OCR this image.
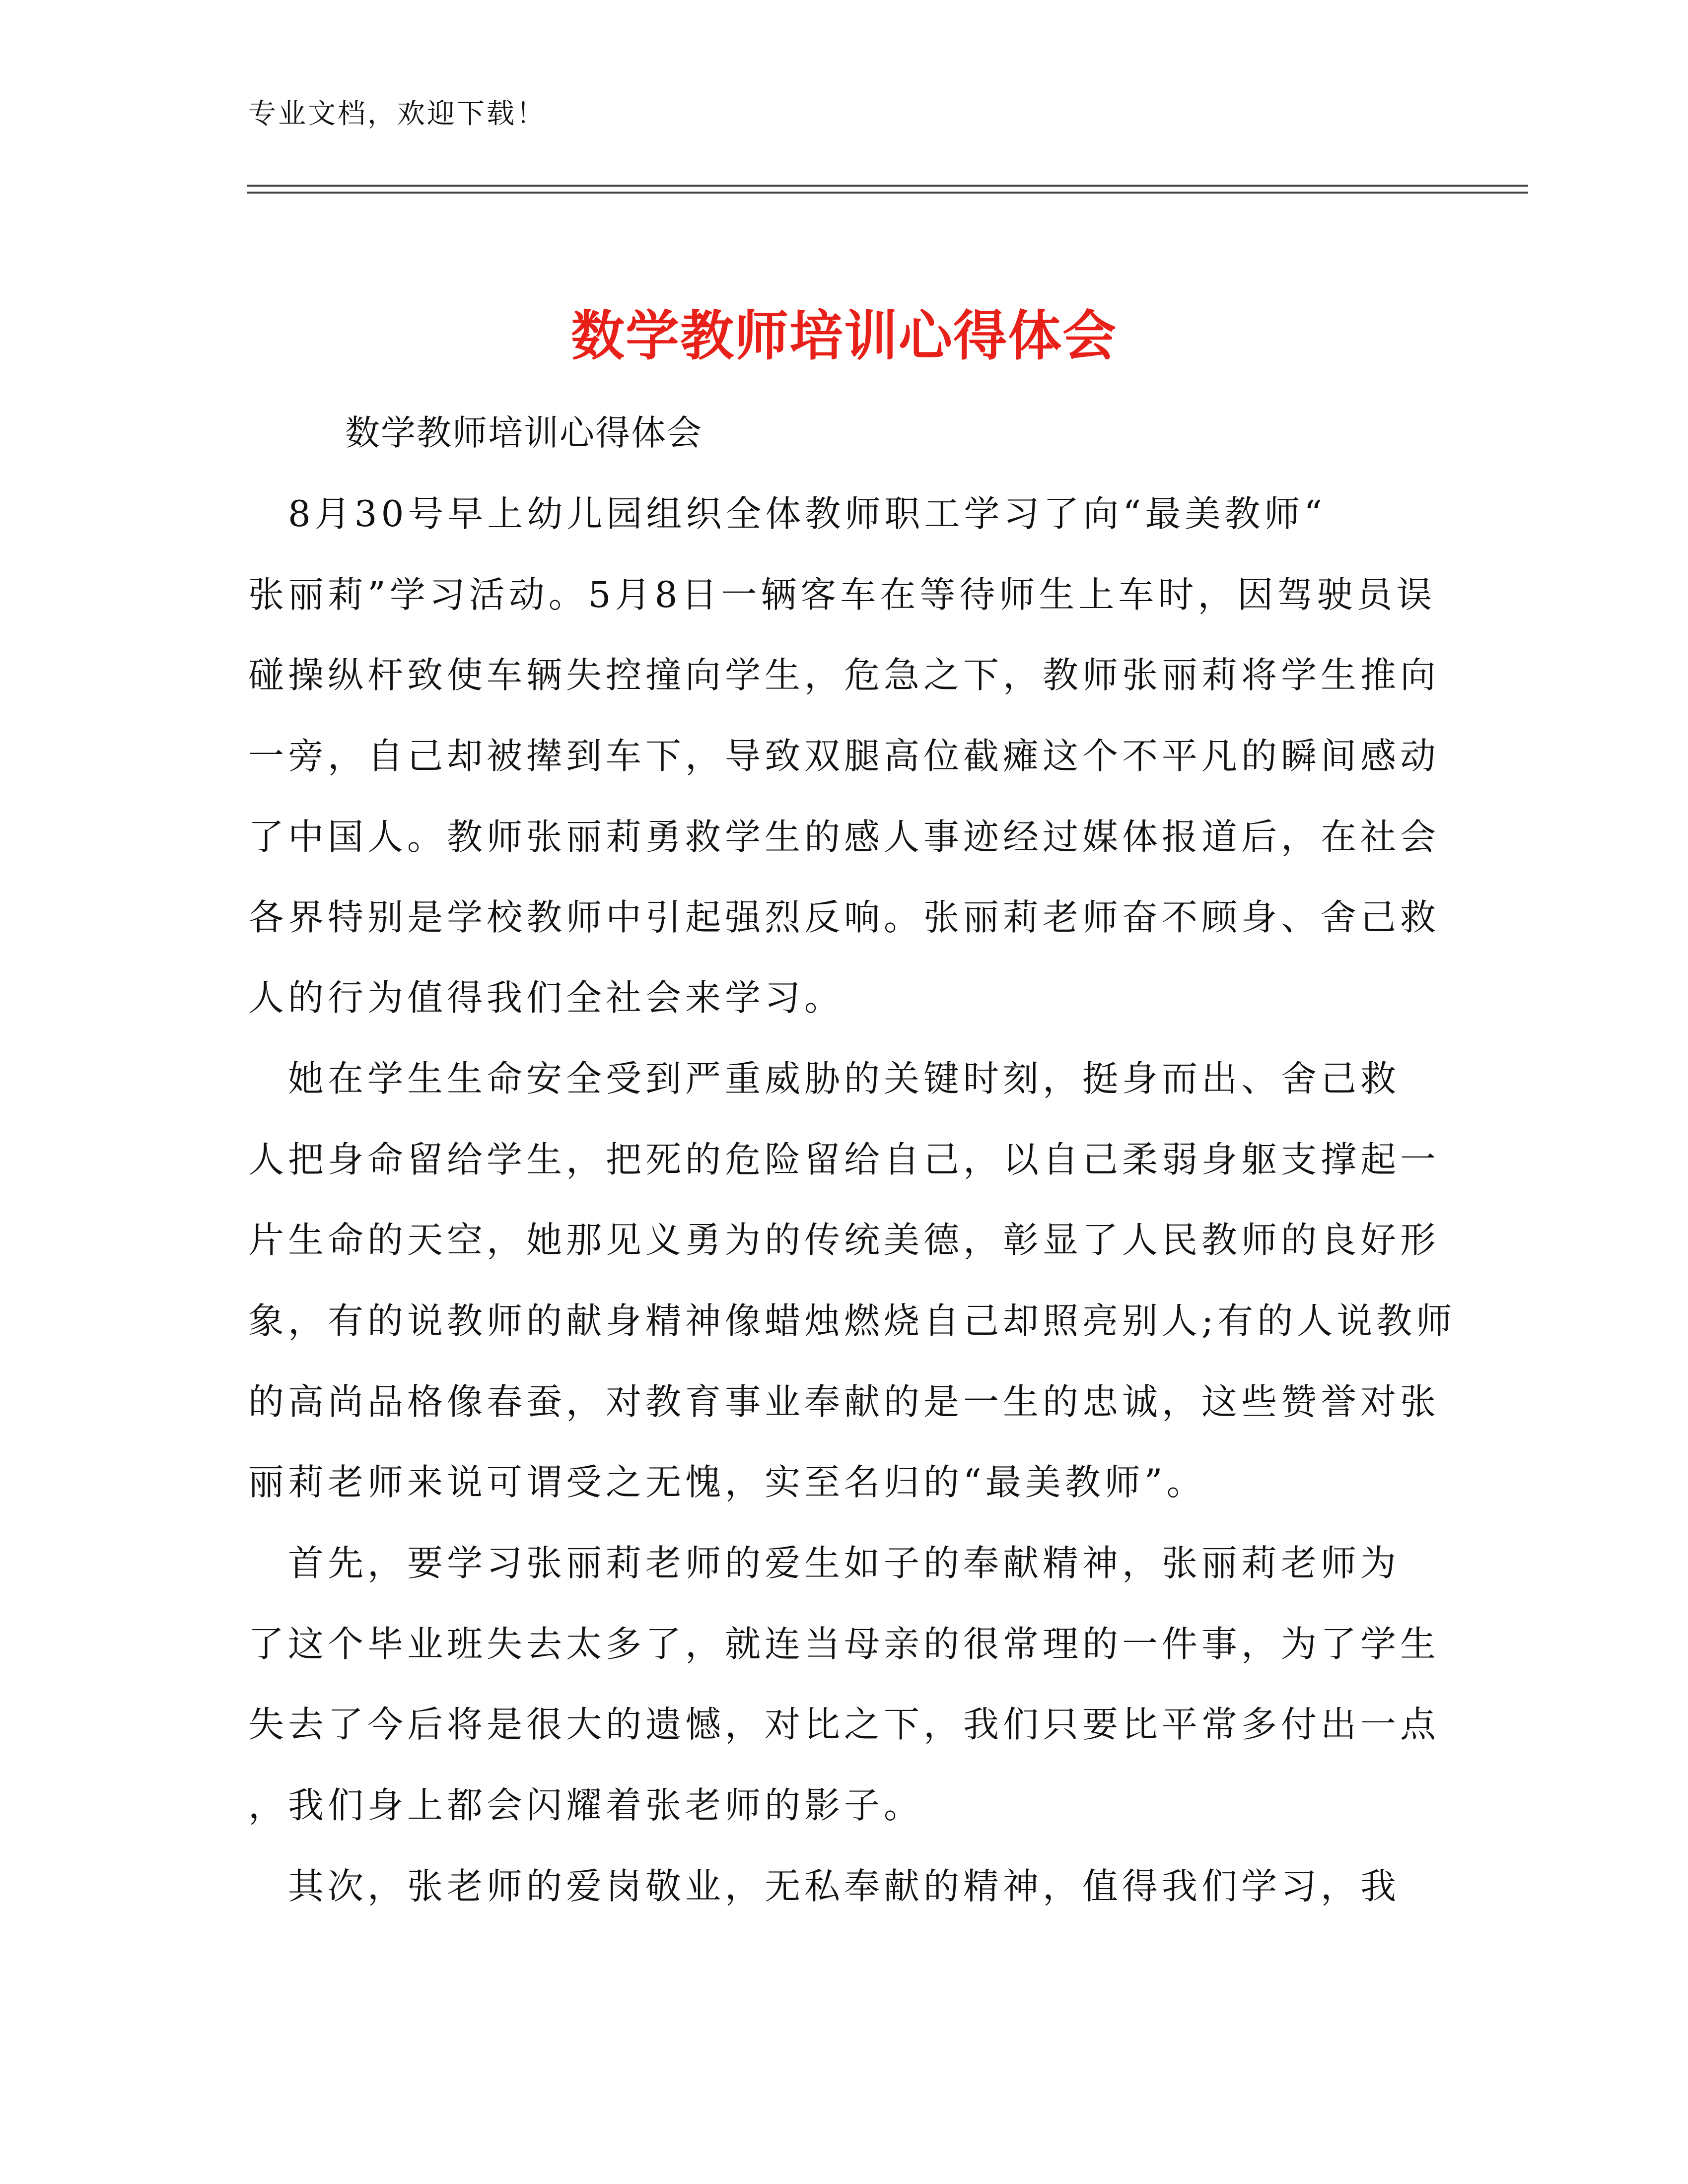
专业文档，欢迎下载！
数学教师培训心得体会
数学教师培训心得体会
　8月30号早上幼儿园组织全体教师职工学习了向“最美教师“
张丽莉”学习活动。5月8日一辆客车在等待师生上车时，因驾驶员误
碰操纵杆致使车辆失控撞向学生，危急之下，教师张丽莉将学生推向
一旁，自己却被撵到车下，导致双腿高位截瘫这个不平凡的瞬间感动
了中国人。教师张丽莉勇救学生的感人事迹经过媒体报道后，在社会
各界特别是学校教师中引起强烈反响。张丽莉老师奋不顾身、舍己救
人的行为值得我们全社会来学习。
　她在学生生命安全受到严重威胁的关键时刻，挺身而出、舍己救
人把身命留给学生，把死的危险留给自己，以自己柔弱身躯支撑起一
片生命的天空，她那见义勇为的传统美德，彰显了人民教师的良好形
象，有的说教师的献身精神像蜡烛燃烧自己却照亮别人;有的人说教师
的高尚品格像春蚕，对教育事业奉献的是一生的忠诚，这些赞誉对张
丽莉老师来说可谓受之无愧，实至名归的“最美教师”。
　首先，要学习张丽莉老师的爱生如子的奉献精神，张丽莉老师为
了这个毕业班失去太多了，就连当母亲的很常理的一件事，为了学生
失去了今后将是很大的遗憾，对比之下，我们只要比平常多付出一点
，我们身上都会闪耀着张老师的影子。
　其次，张老师的爱岗敬业，无私奉献的精神，值得我们学习，我
